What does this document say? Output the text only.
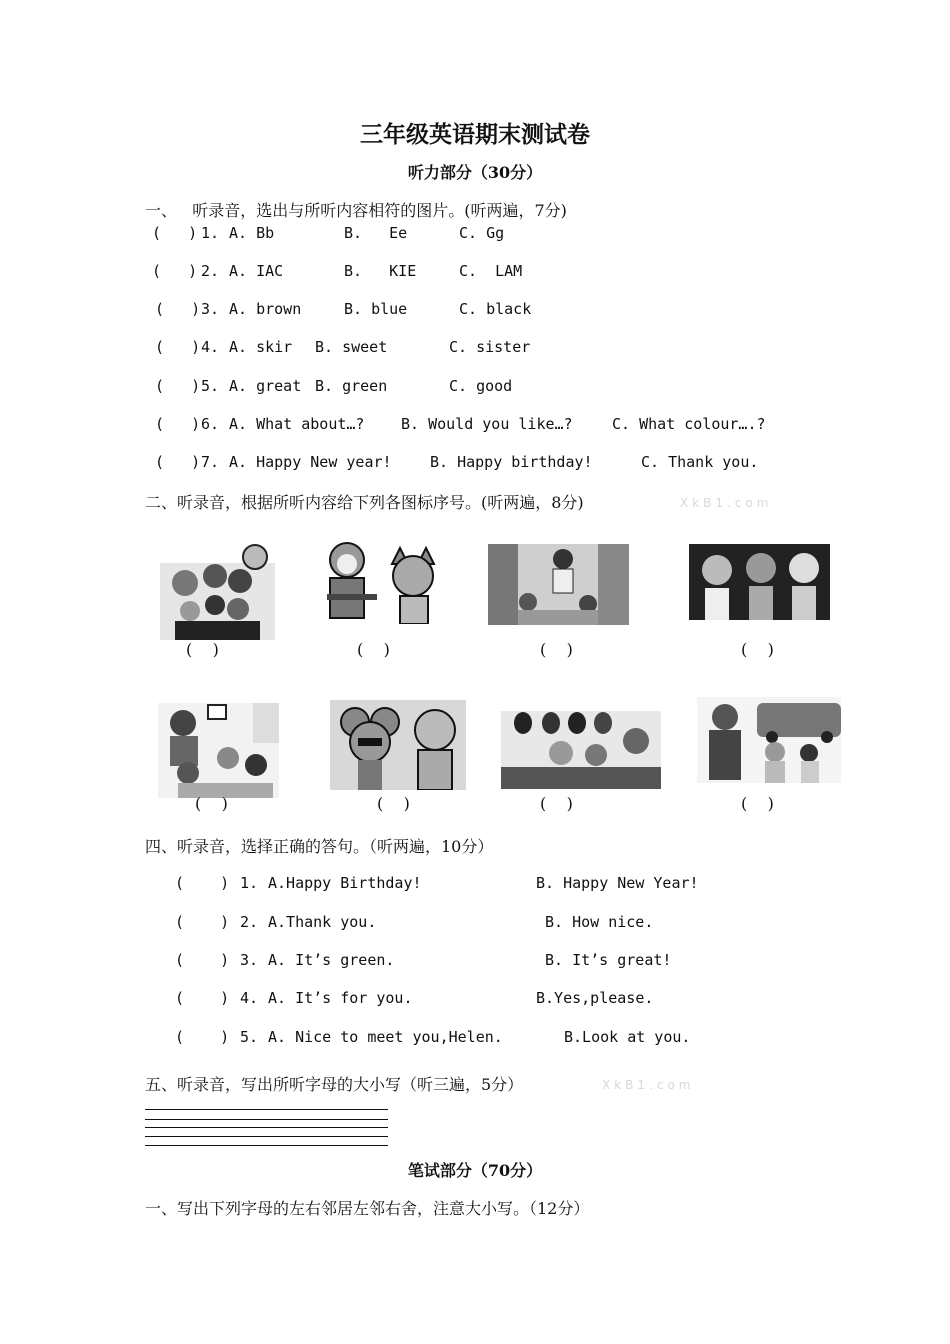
三年级英语期末测试卷
听力部分（30分）
一、   听录音，选出与所听内容相符的图片。(听两遍，7分)
(   ) 1. A. Bb	B.   Ee	C. Gg
(   ) 2. A. IAC	B.   KIE	C.  LAM
(   ) 3. A. brown	B. blue	C. black
(   ) 4. A. skir B. sweet	C. sister
(   ) 5. A. great B. green	C. good
(   ) 6. A. What about…? B. Would you like…?	C. What colour….?
(   ) 7. A. Happy New year!	B. Happy birthday!	C. Thank you.
二、听录音，根据所听内容给下列各图标序号。(听两遍，8分)	XkB1.com
(    )	(    )	(    )	(    )
(    )	(    )	(    )	(    )
四、听录音，选择正确的答句。（听两遍，10分）
(    ) 1. A.Happy Birthday!	B. Happy New Year!
(    ) 2. A.Thank you.	B. How nice.
(    ) 3. A. It’s green.	B. It’s great!
(    ) 4. A. It’s for you.	B.Yes,please.
(    ) 5. A. Nice to meet you,Helen.	B.Look at you.
五、听录音，写出所听字母的大小写（听三遍，5分）	XkB1.com
笔试部分（70分）
一、写出下列字母的左右邻居左邻右舍，注意大小写。（12分）
